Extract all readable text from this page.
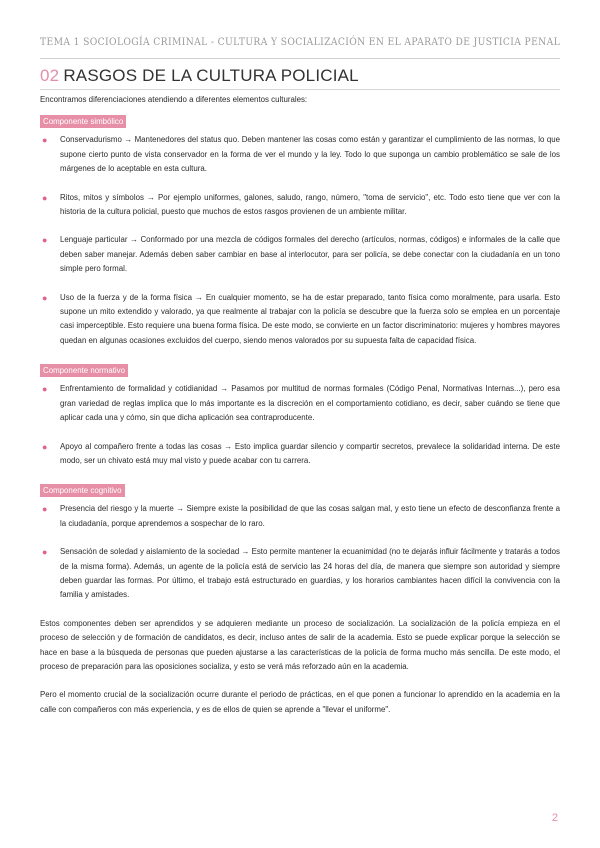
TEMA 1 SOCIOLOGÍA CRIMINAL - CULTURA Y SOCIALIZACIÓN EN EL APARATO DE JUSTICIA PENAL
02 RASGOS DE LA CULTURA POLICIAL

Encontramos diferenciaciones atendiendo a diferentes elementos culturales:

Componente simbólico
● Conservadurismo → Mantenedores del status quo. Deben mantener las cosas como están y garantizar el cumplimiento de las normas, lo que supone cierto punto de vista conservador en la forma de ver el mundo y la ley. Todo lo que suponga un cambio problemático se sale de los márgenes de lo aceptable en esta cultura.
● Ritos, mitos y símbolos → Por ejemplo uniformes, galones, saludo, rango, número, "toma de servicio", etc. Todo esto tiene que ver con la historia de la cultura policial, puesto que muchos de estos rasgos provienen de un ambiente militar.
● Lenguaje particular → Conformado por una mezcla de códigos formales del derecho (artículos, normas, códigos) e informales de la calle que deben saber manejar. Además deben saber cambiar en base al interlocutor, para ser policía, se debe conectar con la ciudadanía en un tono simple pero formal.
● Uso de la fuerza y de la forma física → En cualquier momento, se ha de estar preparado, tanto física como moralmente, para usarla. Esto supone un mito extendido y valorado, ya que realmente al trabajar con la policía se descubre que la fuerza solo se emplea en un porcentaje casi imperceptible. Esto requiere una buena forma física. De este modo, se convierte en un factor discriminatorio: mujeres y hombres mayores quedan en algunas ocasiones excluidos del cuerpo, siendo menos valorados por su supuesta falta de capacidad física.
Componente normativo
● Enfrentamiento de formalidad y cotidianidad → Pasamos por multitud de normas formales (Código Penal, Normativas Internas...), pero esa gran variedad de reglas implica que lo más importante es la discreción en el comportamiento cotidiano, es decir, saber cuándo se tiene que aplicar cada una y cómo, sin que dicha aplicación sea contraproducente.
● Apoyo al compañero frente a todas las cosas → Esto implica guardar silencio y compartir secretos, prevalece la solidaridad interna. De este modo, ser un chivato está muy mal visto y puede acabar con tu carrera.
Componente cognitivo
● Presencia del riesgo y la muerte → Siempre existe la posibilidad de que las cosas salgan mal, y esto tiene un efecto de desconfianza frente a la ciudadanía, porque aprendemos a sospechar de lo raro.
● Sensación de soledad y aislamiento de la sociedad → Esto permite mantener la ecuanimidad (no te dejarás influir fácilmente y tratarás a todos de la misma forma). Además, un agente de la policía está de servicio las 24 horas del día, de manera que siempre son autoridad y siempre deben guardar las formas. Por último, el trabajo está estructurado en guardias, y los horarios cambiantes hacen difícil la convivencia con la familia y amistades.

Estos componentes deben ser aprendidos y se adquieren mediante un proceso de socialización. La socialización de la policía empieza en el proceso de selección y de formación de candidatos, es decir, incluso antes de salir de la academia. Esto se puede explicar porque la selección se hace en base a la búsqueda de personas que pueden ajustarse a las características de la policía de forma mucho más sencilla. De este modo, el proceso de preparación para las oposiciones socializa, y esto se verá más reforzado aún en la academia.

Pero el momento crucial de la socialización ocurre durante el periodo de prácticas, en el que ponen a funcionar lo aprendido en la academia en la calle con compañeros con más experiencia, y es de ellos de quien se aprende a "llevar el uniforme".

2
